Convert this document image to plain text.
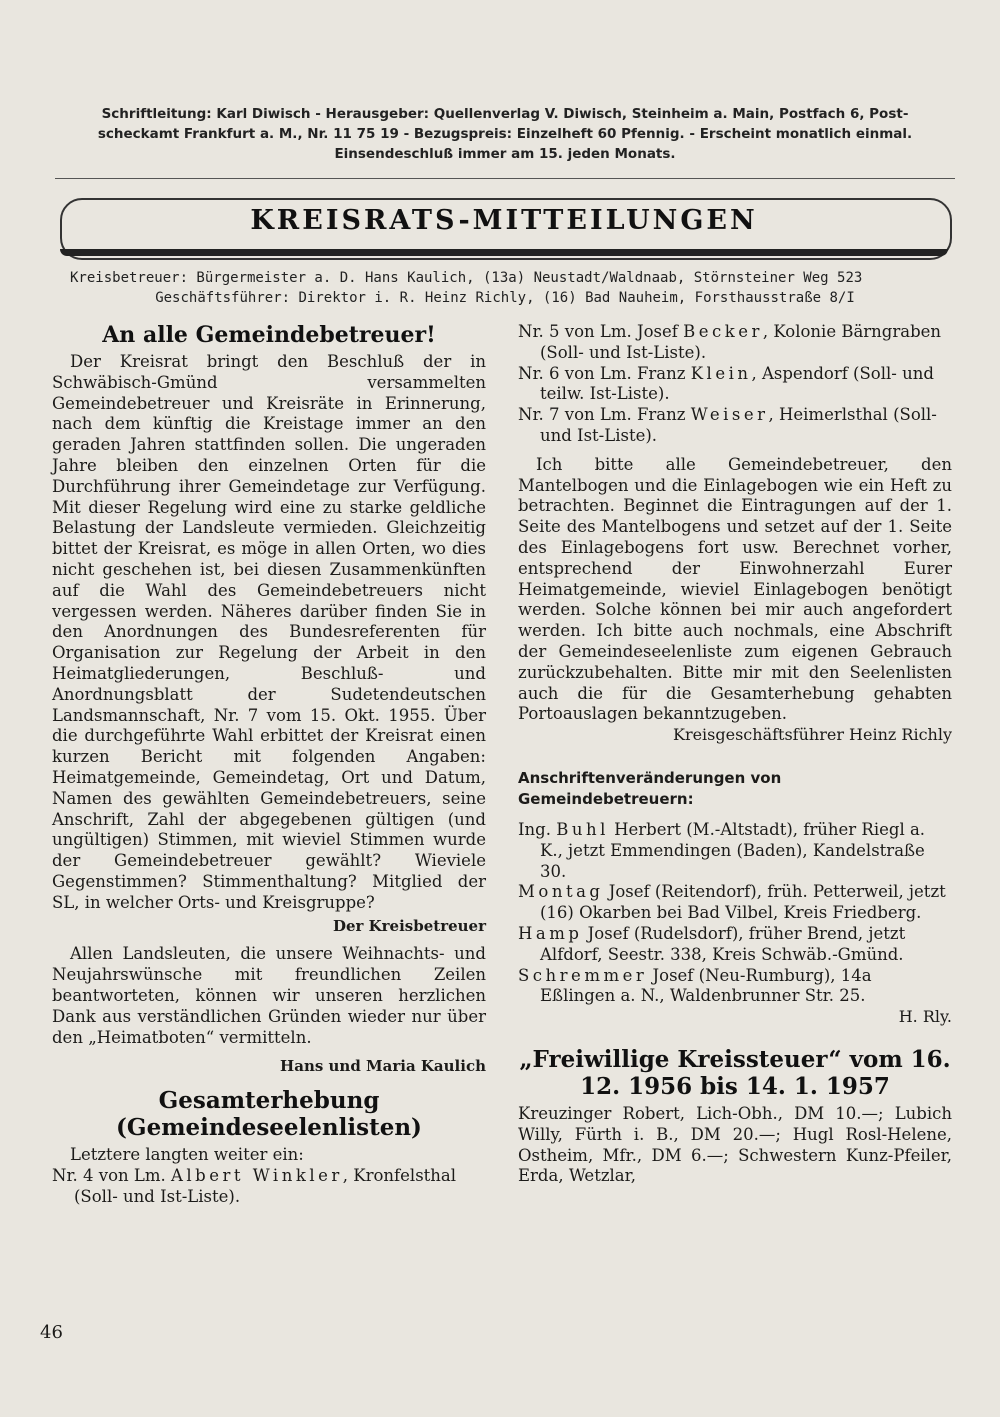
Schriftleitung: Karl Diwisch - Herausgeber: Quellenverlag V. Diwisch, Steinheim a. Main, Postfach 6, Post-
scheckamt Frankfurt a. M., Nr. 11 75 19 - Bezugspreis: Einzelheft 60 Pfennig. - Erscheint monatlich einmal.
Einsendeschluß immer am 15. jeden Monats.
KREISRATS-MITTEILUNGEN
Kreisbetreuer: Bürgermeister a. D. Hans Kaulich, (13a) Neustadt/Waldnaab, Störnsteiner Weg 523
Geschäftsführer: Direktor i. R. Heinz Richly, (16) Bad Nauheim, Forsthausstraße 8/I
An alle Gemeindebetreuer!

Der Kreisrat bringt den Beschluß der in Schwäbisch-Gmünd versammelten Gemeindebetreuer und Kreisräte in Erinnerung, nach dem künftig die Kreistage immer an den geraden Jahren stattfinden sollen. Die ungeraden Jahre bleiben den einzelnen Orten für die Durchführung ihrer Gemeindetage zur Verfügung. Mit dieser Regelung wird eine zu starke geldliche Belastung der Landsleute vermieden. Gleichzeitig bittet der Kreisrat, es möge in allen Orten, wo dies nicht geschehen ist, bei diesen Zusammenkünften auf die Wahl des Gemeindebetreuers nicht vergessen werden. Näheres darüber finden Sie in den Anordnungen des Bundesreferenten für Organisation zur Regelung der Arbeit in den Heimatgliederungen, Beschluß- und Anordnungsblatt der Sudetendeutschen Landsmannschaft, Nr. 7 vom 15. Okt. 1955. Über die durchgeführte Wahl erbittet der Kreisrat einen kurzen Bericht mit folgenden Angaben: Heimatgemeinde, Gemeindetag, Ort und Datum, Namen des gewählten Gemeindebetreuers, seine Anschrift, Zahl der abgegebenen gültigen (und ungültigen) Stimmen, mit wieviel Stimmen wurde der Gemeindebetreuer gewählt? Wieviele Gegenstimmen? Stimmenthaltung? Mitglied der SL, in welcher Orts- und Kreisgruppe?

Der Kreisbetreuer

Allen Landsleuten, die unsere Weihnachts- und Neujahrswünsche mit freundlichen Zeilen beantworteten, können wir unseren herzlichen Dank aus verständlichen Gründen wieder nur über den „Heimatboten“ vermitteln.

Hans und Maria Kaulich
Gesamterhebung (Gemeindeseelenlisten)

Letztere langten weiter ein:

Nr. 4 von Lm. Albert Winkler, Kronfelsthal (Soll- und Ist-Liste).

Nr. 5 von Lm. Josef Becker, Kolonie Bärngraben (Soll- und Ist-Liste).

Nr. 6 von Lm. Franz Klein, Aspendorf (Soll- und teilw. Ist-Liste).

Nr. 7 von Lm. Franz Weiser, Heimerlsthal (Soll- und Ist-Liste).

Ich bitte alle Gemeindebetreuer, den Mantelbogen und die Einlagebogen wie ein Heft zu betrachten. Beginnet die Eintragungen auf der 1. Seite des Mantelbogens und setzet auf der 1. Seite des Einlagebogens fort usw. Berechnet vorher, entsprechend der Einwohnerzahl Eurer Heimatgemeinde, wieviel Einlagebogen benötigt werden. Solche können bei mir auch angefordert werden. Ich bitte auch nochmals, eine Abschrift der Gemeindeseelenliste zum eigenen Gebrauch zurückzubehalten. Bitte mir mit den Seelenlisten auch die für die Gesamterhebung gehabten Portoauslagen bekanntzugeben.

Kreisgeschäftsführer Heinz Richly
Anschriftenveränderungen von Gemeindebetreuern:

Ing. Buhl Herbert (M.-Altstadt), früher Riegl a. K., jetzt Emmendingen (Baden), Kandelstraße 30.

Montag Josef (Reitendorf), früh. Petterweil, jetzt (16) Okarben bei Bad Vilbel, Kreis Friedberg.

Hamp Josef (Rudelsdorf), früher Brend, jetzt Alfdorf, Seestr. 338, Kreis Schwäb.-Gmünd.

Schremmer Josef (Neu-Rumburg), 14a Eßlingen a. N., Waldenbrunner Str. 25.

H. Rly.
„Freiwillige Kreissteuer“ vom 16. 12. 1956 bis 14. 1. 1957

Kreuzinger Robert, Lich-Obh., DM 10.—; Lubich Willy, Fürth i. B., DM 20.—; Hugl Rosl-Helene, Ostheim, Mfr., DM 6.—; Schwestern Kunz-Pfeiler, Erda, Wetzlar,

46
